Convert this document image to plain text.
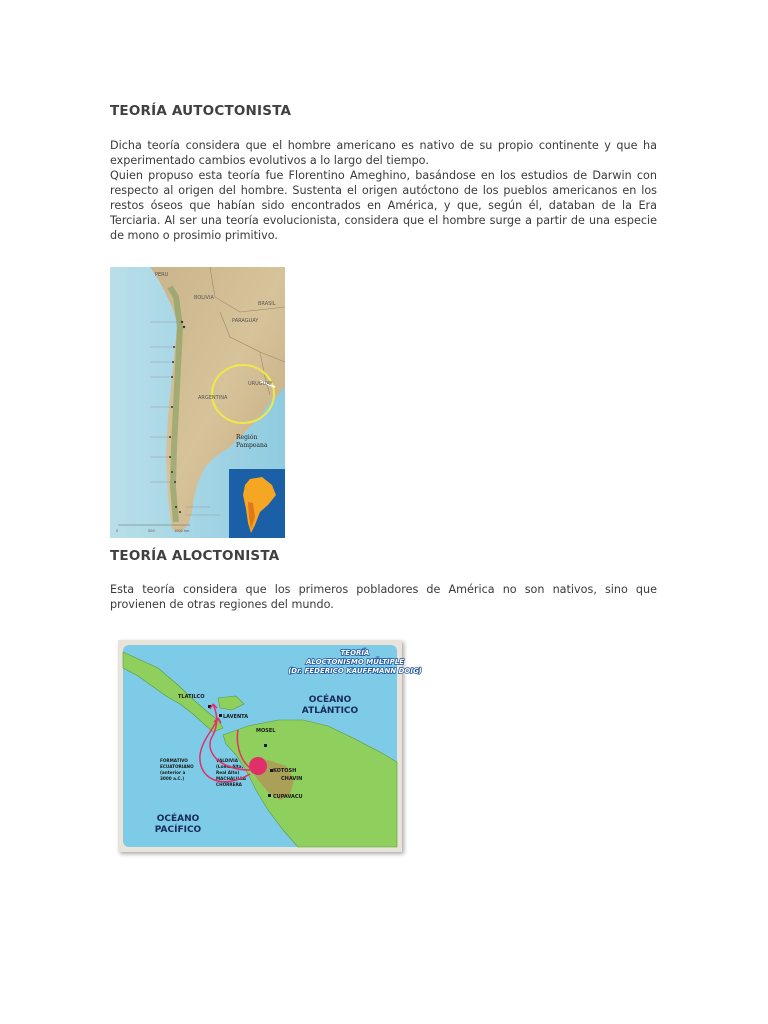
TEORÍA AUTOCTONISTA
Dicha teoría considera que el hombre americano es nativo de su propio continente y que ha experimentado cambios evolutivos a lo largo del tiempo.
Quien propuso esta teoría fue Florentino Ameghino, basándose en los estudios de Darwin con respecto al origen del hombre. Sustenta el origen autóctono de los pueblos americanos en los restos óseos que habían sido encontrados en América, y que, según él, databan de la Era Terciaria. Al ser una teoría evolucionista, considera que el hombre surge a partir de una especie de mono o prosimio primitivo.
PERU
BOLIVIA
BRASIL
PARAGUAY
URUGUAY
ARGENTINA
Región
Pampeana
0	500	1000 km
TEORÍA ALOCTONISTA
Esta teoría considera que los primeros pobladores de América no son nativos, sino que provienen de otras regiones del mundo.
TEORÍA
ALOCTONISMO MÚLTIPLE
(Dr. FEDERICO KAUFFMANN DOIG)
OCÉANO
ATLÁNTICO
OCÉANO
PACÍFICO
TLATILCO
LAVENTA
MOSEL
KOTOSH
CHAVIN
CUPAVACU
FORMATIVO
ECUATORIANO
(anterior a
3000 a.C.)
VALDIVIA
(Loma Alta,
Real Alto)
MACHALILLA
CHORRERA
